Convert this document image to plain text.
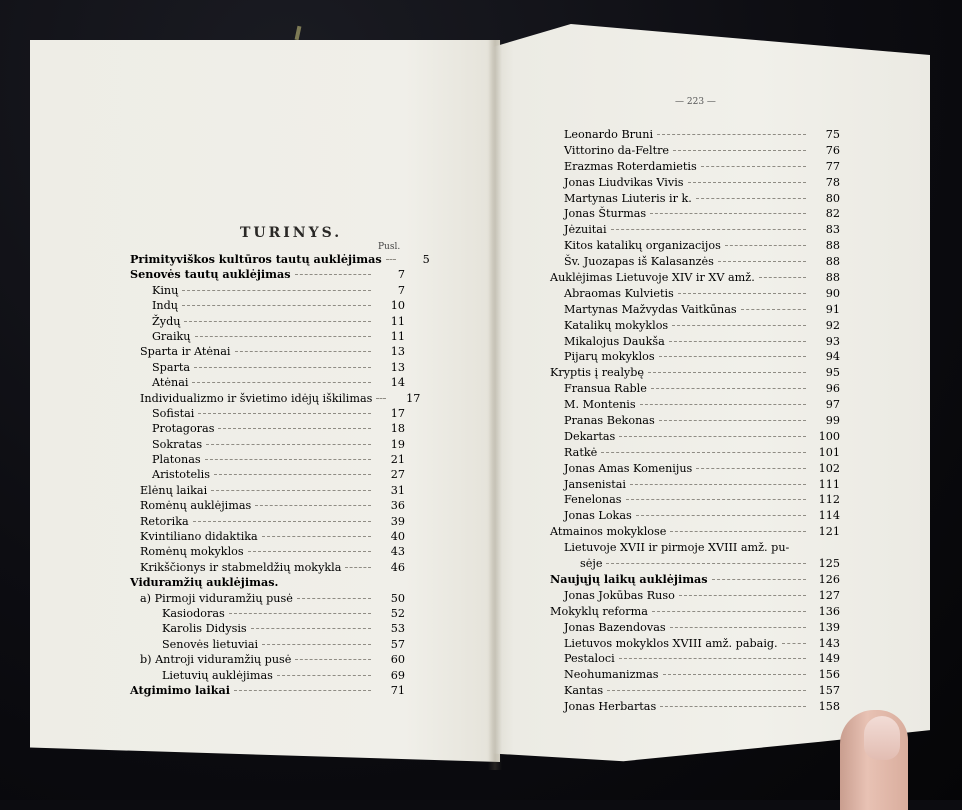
TURINYS.
Pusl.
— 223 —
Primityviškos kultūros tautų auklėjimas	5
Senovės tautų auklėjimas	7
Kinų	7
Indų	10
Žydų	11
Graikų	11
Sparta ir Atėnai	13
Sparta	13
Atėnai	14
Individualizmo ir švietimo idėjų iškilimas	17
Sofistai	17
Protagoras	18
Sokratas	19
Platonas	21
Aristotelis	27
Elėnų laikai	31
Romėnų auklėjimas	36
Retorika	39
Kvintiliano didaktika	40
Romėnų mokyklos	43
Krikščionys ir stabmeldžių mokykla	46
Viduramžių auklėjimas.
a) Pirmoji viduramžių pusė	50
Kasiodoras	52
Karolis Didysis	53
Senovės lietuviai	57
b) Antroji viduramžių pusė	60
Lietuvių auklėjimas	69
Atgimimo laikai	71
Leonardo Bruni	75
Vittorino da-Feltre	76
Erazmas Roterdamietis	77
Jonas Liudvikas Vivis	78
Martynas Liuteris ir k.	80
Jonas Šturmas	82
Jėzuitai	83
Kitos katalikų organizacijos	88
Šv. Juozapas iš Kalasanzės	88
Auklėjimas Lietuvoje XIV ir XV amž.	88
Abraomas Kulvietis	90
Martynas Mažvydas Vaitkūnas	91
Katalikų mokyklos	92
Mikalojus Daukša	93
Pijarų mokyklos	94
Kryptis į realybę	95
Fransua Rable	96
M. Montenis	97
Pranas Bekonas	99
Dekartas	100
Ratkė	101
Jonas Amas Komenijus	102
Jansenistai	111
Fenelonas	112
Jonas Lokas	114
Atmainos mokyklose	121
Lietuvoje XVII ir pirmoje XVIII amž. pu-
sėje	125
Naujųjų laikų auklėjimas	126
Jonas Jokūbas Ruso	127
Mokyklų reforma	136
Jonas Bazendovas	139
Lietuvos mokyklos XVIII amž. pabaig.	143
Pestaloci	149
Neohumanizmas	156
Kantas	157
Jonas Herbartas	158
